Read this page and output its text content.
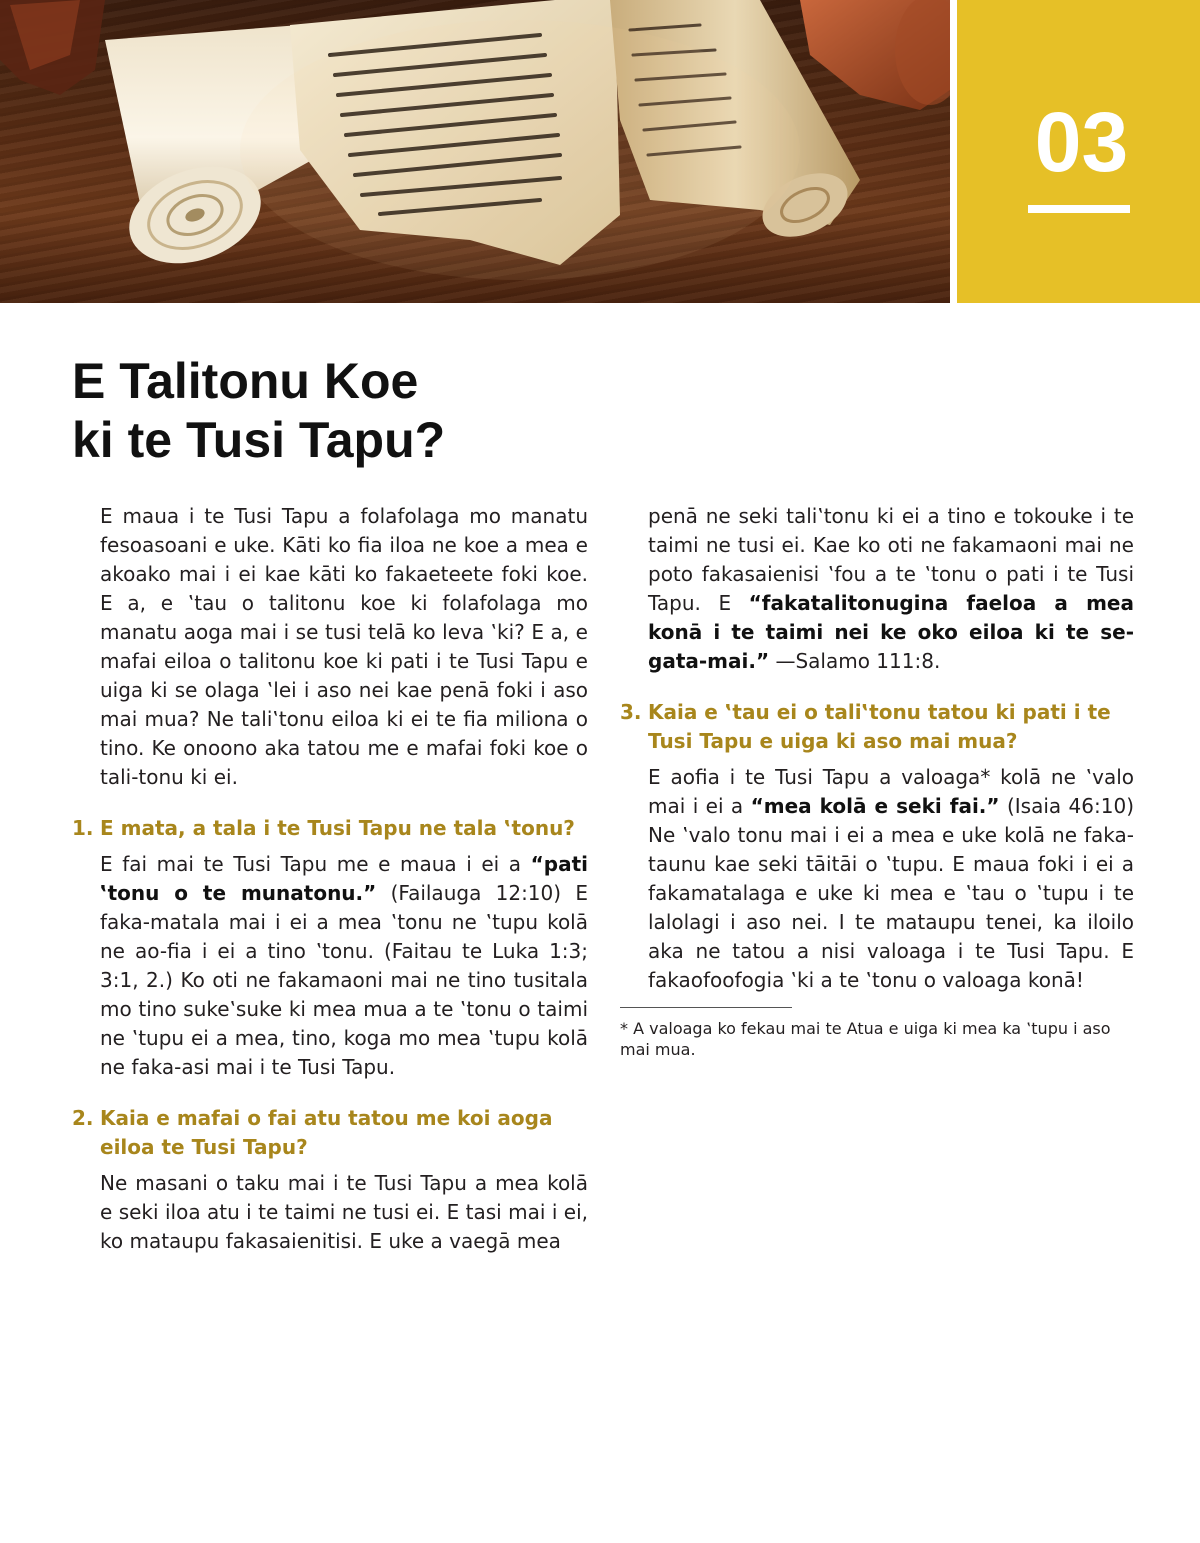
03
E Talitonu Koe
ki te Tusi Tapu?

E maua i te Tusi Tapu a folafolaga mo manatu fesoasoani e uke. Kāti ko fia iloa ne koe a mea e akoako mai i ei kae kāti ko fakaeteete foki koe. E a, e ‛tau o talitonu koe ki folafolaga mo manatu aoga mai i se tusi telā ko leva ‛ki? E a, e mafai eiloa o talitonu koe ki pati i te Tusi Tapu e uiga ki se olaga ‛lei i aso nei kae penā foki i aso mai mua? Ne tali‛tonu eiloa ki ei te fia miliona o tino. Ke onoono aka tatou me e mafai foki koe o tali-tonu ki ei.

1. E mata, a tala i te Tusi Tapu ne tala ‛tonu?

E fai mai te Tusi Tapu me e maua i ei a “pati ‛tonu o te munatonu.” (Failauga 12:10) E faka-matala mai i ei a mea ‛tonu ne ‛tupu kolā ne ao-fia i ei a tino ‛tonu. (Faitau te Luka 1:3; 3:1, 2.) Ko oti ne fakamaoni mai ne tino tusitala mo tino suke‛suke ki mea mua a te ‛tonu o taimi ne ‛tupu ei a mea, tino, koga mo mea ‛tupu kolā ne faka-asi mai i te Tusi Tapu.

2. Kaia e mafai o fai atu tatou me koi aoga eiloa te Tusi Tapu?

Ne masani o taku mai i te Tusi Tapu a mea kolā e seki iloa atu i te taimi ne tusi ei. E tasi mai i ei, ko mataupu fakasaienitisi. E uke a vaegā mea

penā ne seki tali‛tonu ki ei a tino e tokouke i te taimi ne tusi ei. Kae ko oti ne fakamaoni mai ne poto fakasaienisi ‛fou a te ‛tonu o pati i te Tusi Tapu. E “fakatalitonugina faeloa a mea konā i te taimi nei ke oko eiloa ki te se-gata-mai.” —Salamo 111:8.

3. Kaia e ‛tau ei o tali‛tonu tatou ki pati i te Tusi Tapu e uiga ki aso mai mua?

E aofia i te Tusi Tapu a valoaga* kolā ne ‛valo mai i ei a “mea kolā e seki fai.” (Isaia 46:10) Ne ‛valo tonu mai i ei a mea e uke kolā ne faka-taunu kae seki tāitāi o ‛tupu. E maua foki i ei a fakamatalaga e uke ki mea e ‛tau o ‛tupu i te lalolagi i aso nei. I te mataupu tenei, ka iloilo aka ne tatou a nisi valoaga i te Tusi Tapu. E fakaofoofogia ‛ki a te ‛tonu o valoaga konā!

* A valoaga ko fekau mai te Atua e uiga ki mea ka ‛tupu i aso mai mua.
